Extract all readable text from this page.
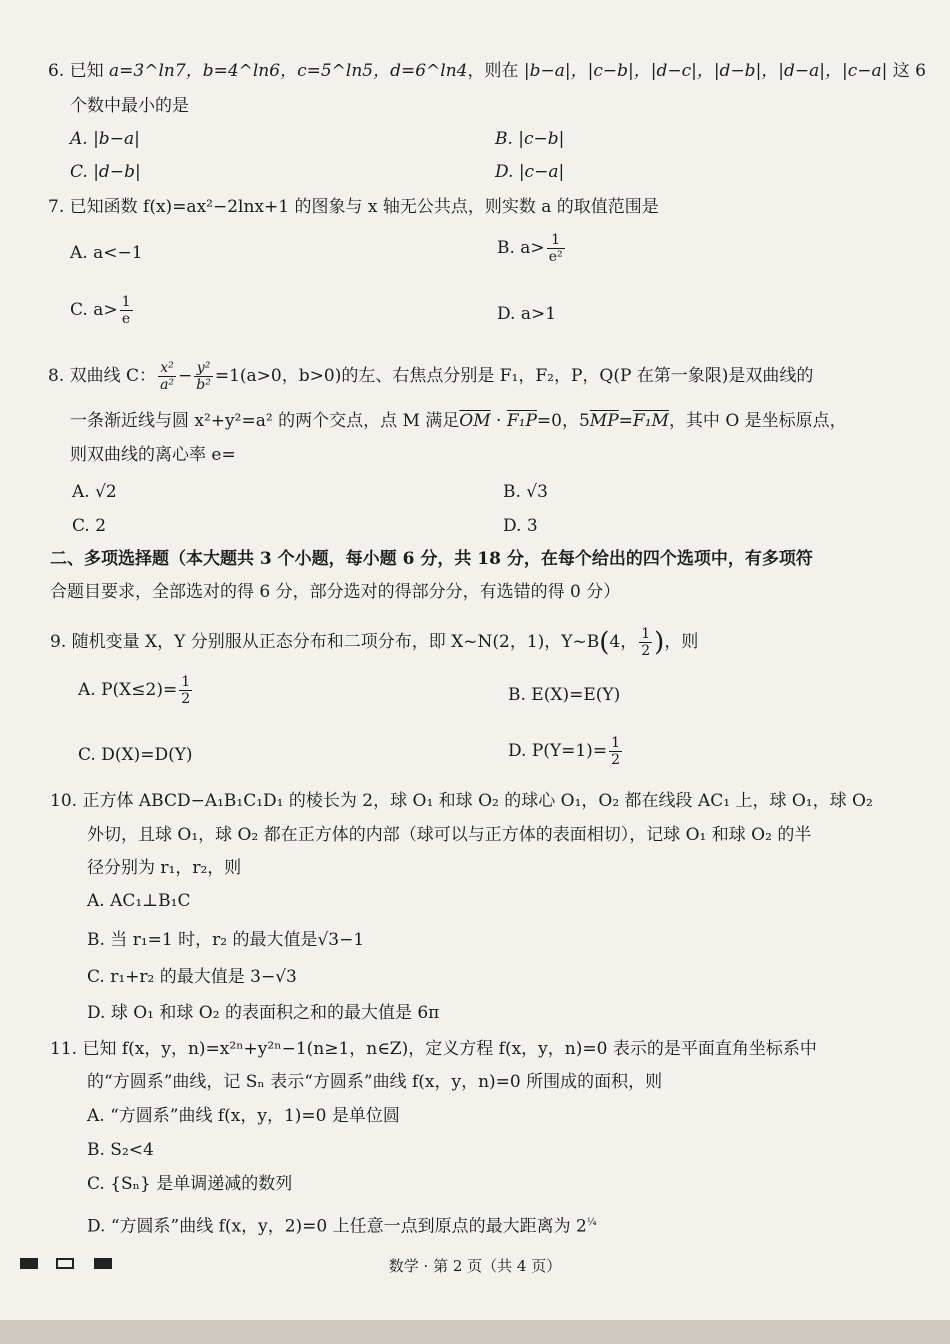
6. 已知 a=3^ln7，b=4^ln6，c=5^ln5，d=6^ln4，则在 |b−a|，|c−b|，|d−c|，|d−b|，|d−a|，|c−a| 这 6
个数中最小的是
A. |b−a|	B. |c−b|
C. |d−b|	D. |c−a|
7. 已知函数 f(x)=ax²−2lnx+1 的图象与 x 轴无公共点，则实数 a 的取值范围是
A. a<−1	B. $a> \frac{1}{\text{e²}}$
C. $a> \frac{1}{e}$	D. a>1
8. 双曲线 C： $\frac{\text{x²}}{\text{a²}} - \frac{\text{y²}}{\text{b²}} =1(a>0$，b>0)的左、右焦点分别是 F₁，F₂，P，Q(P 在第一象限)是双曲线的
一条渐近线与圆 x²+y²=a² 的两个交点，点 M 满足$\overline{OM} \cdot F_1P=0$，$5\overline{MP}=F_1M$，其中 O 是坐标原点，
则双曲线的离心率 e=
A. √2	B. √3
C. 2	D. 3
二、多项选择题（本大题共 3 个小题，每小题 6 分，共 18 分，在每个给出的四个选项中，有多项符
合题目要求，全部选对的得 6 分，部分选对的得部分分，有选错的得 0 分）
9. 随机变量 X，Y 分别服从正态分布和二项分布，即 X~N(2，1)，Y~B(4， $\frac{1}{2}$ )，则
A. $P(X\le 2)= \frac{1}{2}$	B. E(X)=E(Y)
C. D(X)=D(Y)	D. $P(Y=1)= \frac{1}{2}$
10. 正方体 ABCD−A₁B₁C₁D₁ 的棱长为 2，球 O₁ 和球 O₂ 的球心 O₁，O₂ 都在线段 AC₁ 上，球 O₁，球 O₂
外切，且球 O₁，球 O₂ 都在正方体的内部（球可以与正方体的表面相切），记球 O₁ 和球 O₂ 的半
径分别为 r₁，r₂，则
A. AC₁⊥B₁C
B. 当 r₁=1 时，r₂ 的最大值是√3−1
C. r₁+r₂ 的最大值是 3−√3
D. 球 O₁ 和球 O₂ 的表面积之和的最大值是 6π
11. 已知 f(x，y，n)=x²ⁿ+y²ⁿ−1(n≥1，n∈Z)，定义方程 f(x，y，n)=0 表示的是平面直角坐标系中
的“方圆系”曲线，记 Sₙ 表示“方圆系”曲线 f(x，y，n)=0 所围成的面积，则
A. “方圆系”曲线 f(x，y，1)=0 是单位圆
B. S₂<4
C. {Sₙ} 是单调递减的数列
D. “方圆系”曲线 f(x，y，2)=0 上任意一点到原点的最大距离为 $2^{\frac{1}{4}}$
数学 · 第 2 页（共 4 页）
